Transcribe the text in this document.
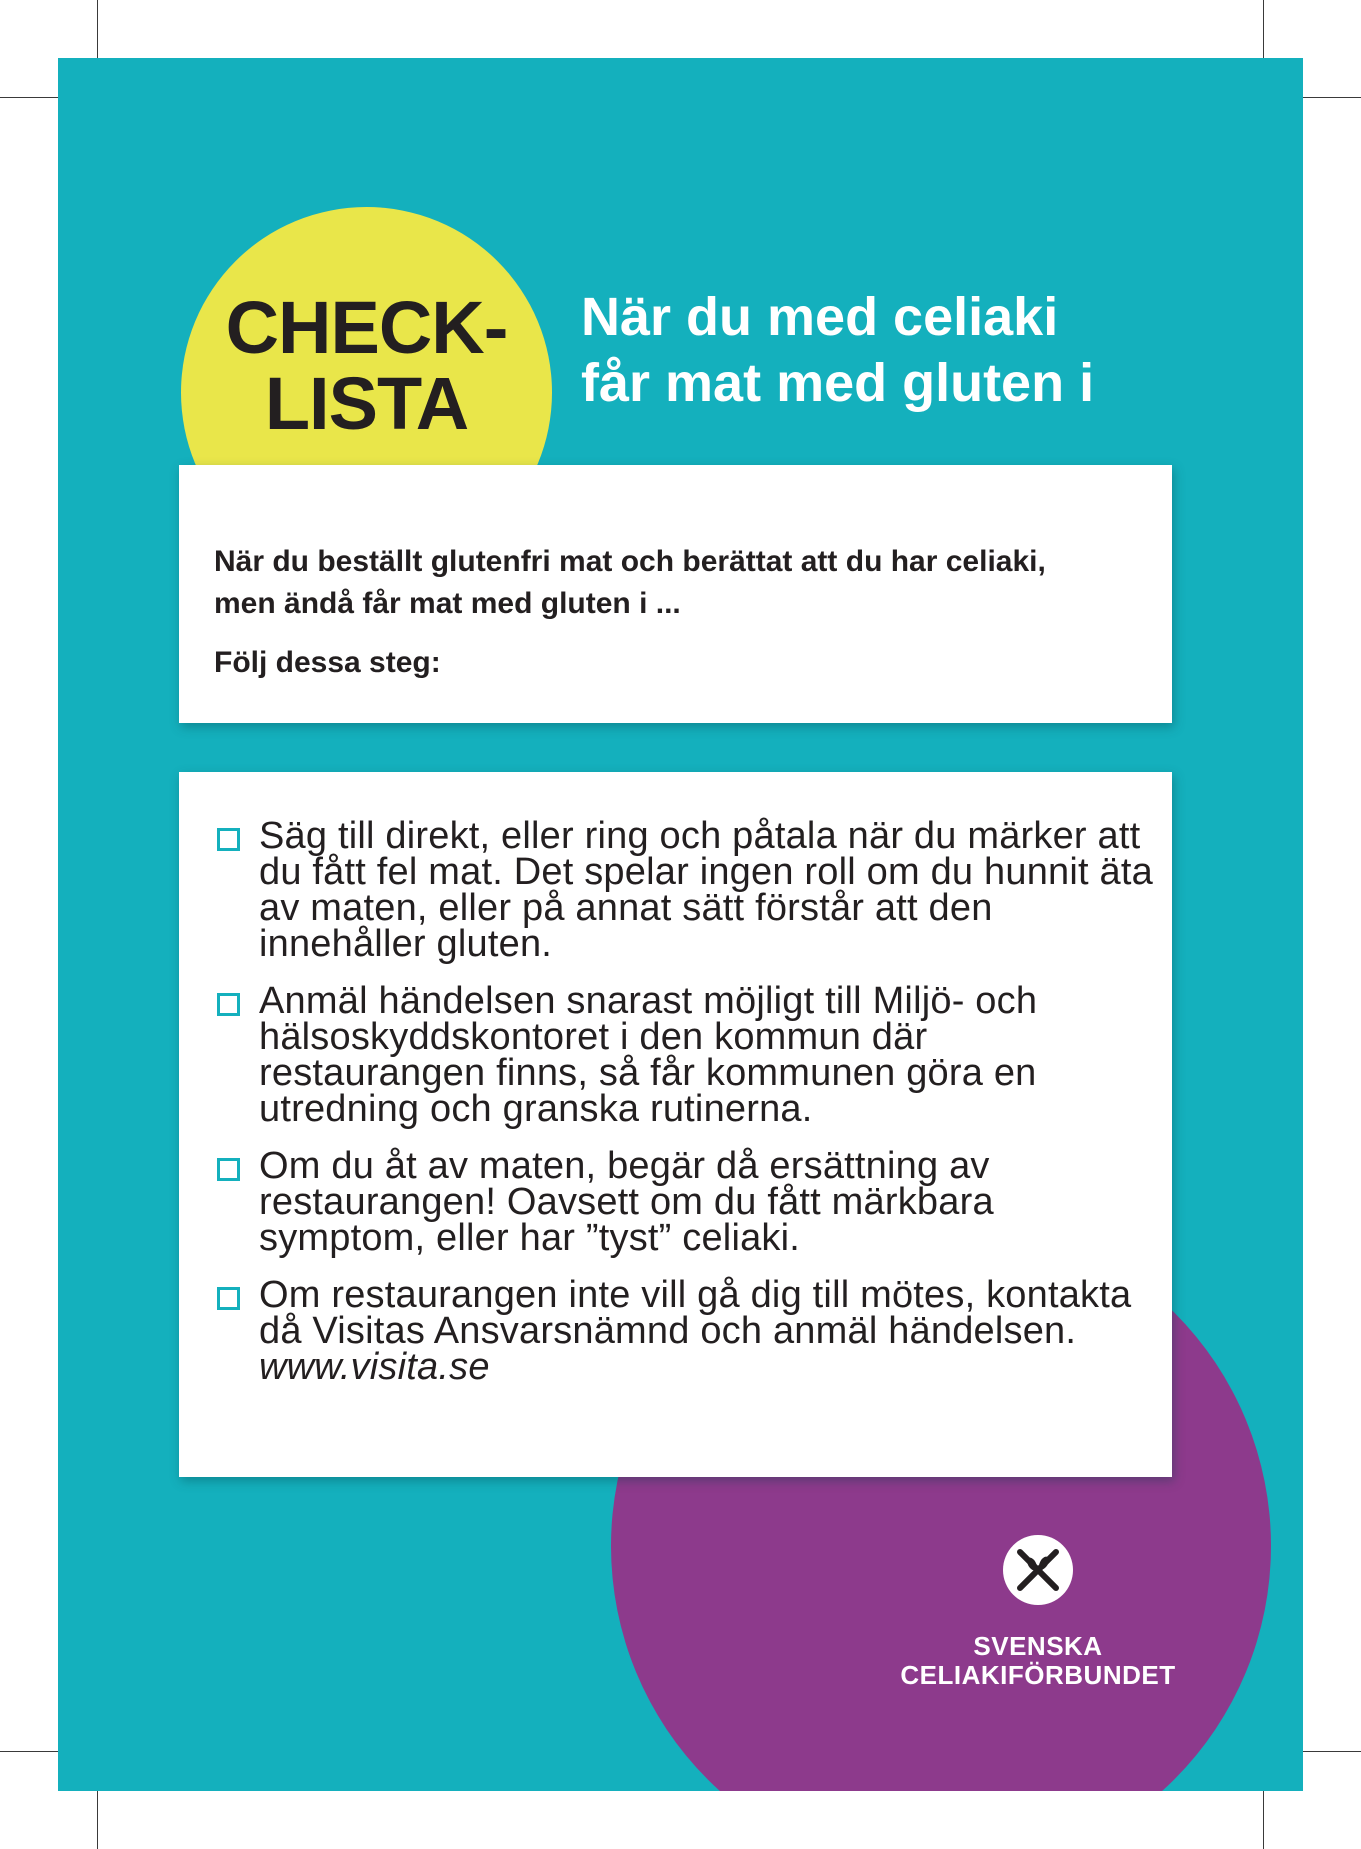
CHECK-
LISTA
När du med celiaki
får mat med gluten i
När du beställt glutenfri mat och berättat att du har celiaki, men ändå får mat med gluten i ...
Följ dessa steg:
Säg till direkt, eller ring och påtala när du märker att du fått fel mat. Det spelar ingen roll om du hunnit äta av maten, eller på annat sätt förstår att den innehåller gluten.
Anmäl händelsen snarast möjligt till Miljö- och hälsoskyddskontoret i den kommun där restaurangen finns, så får kommunen göra en utredning och granska rutinerna.
Om du åt av maten, begär då ersättning av restaurangen! Oavsett om du fått märkbara symptom, eller har ”tyst” celiaki.
Om restaurangen inte vill gå dig till mötes, kontakta då Visitas Ansvarsnämnd och anmäl händelsen. www.visita.se
SVENSKA
CELIAKIFÖRBUNDET
